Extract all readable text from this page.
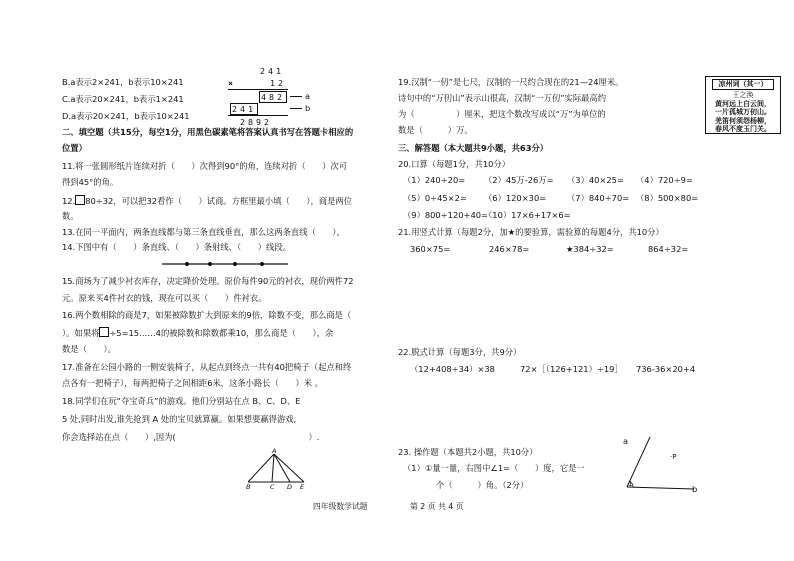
B.a表示2×241，b表示10×241
C.a表示20×241，b表示1×241
D.a表示20×241，b表示10×241
241
×	12
482
241
2892
a
b
二、填空题（共15分，每空1分，用黑色碳素笔将答案认真书写在答题卡相应的
位置）
11.将一张圆形纸片连续对折（　　）次得到90°的角，连续对折（　　）次可
得到45°的角。
12. 80÷32，可以把32看作（　　）试商。方框里最小填（　　），商是两位
数。
13.在同一平面内，两条直线都与第三条直线垂直，那么这两条直线（　　）。
14.下图中有（　　）条直线、（　　）条射线、（　　）线段。
15.商场为了减少衬衣库存，决定降价处理。原价每件90元的衬衣，现价两件72
元。原来买4件衬衣的钱，现在可以买（　　）件衬衣。
16.两个数相除的商是7，如果被除数扩大到原来的9倍，除数不变，那么商是（
）。如果将 ÷5=15……4的被除数和除数都乘10，那么商是（　　），余
数是（　　）。
17.准备在公园小路的一侧安装椅子，从起点到终点一共有40把椅子（起点和终
点各有一把椅子），每两把椅子之间相距6米，这条小路长（　　）米 。
18.同学们在玩“夺宝奇兵”的游戏。他们分别站在点 B、C、D、E
5 处,同时出发,谁先抢到 A 处的宝贝就算赢。如果想要赢得游戏,
你会选择站在点（　　）,因为(　　　　　　　　　　　　　　　　）.
A
B	C D E
19.汉制“一仞”是七尺，汉制的一尺约合现在的21—24厘米。
诗句中的“万仞山”表示山很高，汉制“一万仞”实际最高约
为（　　　　　）厘米，把这个数改写成以“万”为单位的
数是（　　　）万。
凉州词（其一）
王之涣
黄河远上白云间，
一片孤城万仞山。
羌笛何须怨杨柳，
春风不度玉门关。
三、解答题（本大题共9小题，共63分）
20.口算（每题1分，共10分）
（1）240÷20= （2）45万-26万= （3）40×25= （4）720÷9=
（5）0÷45×2= （6）120×30=	（7）840÷70= （8）500×80=
（9）800÷120+40=
（10）17×6+17×6=
21.用竖式计算（每题2分，加★的要验算，需验算的每题4分，共10分）
360×75=	246×78=	★384÷32=	864÷32=
22.脱式计算（每题3分，共9分）
（12+408÷34）×38	72×［（126+121）÷19］ 736-36×20+4
23. 操作题（本题共2小题，共10分）
（1）①量一量，右图中∠1=（　　）度，它是一
个（　　　）角。（2分）
a
·P
1	b
四年级数学试题	第 2 页 共 4 页
